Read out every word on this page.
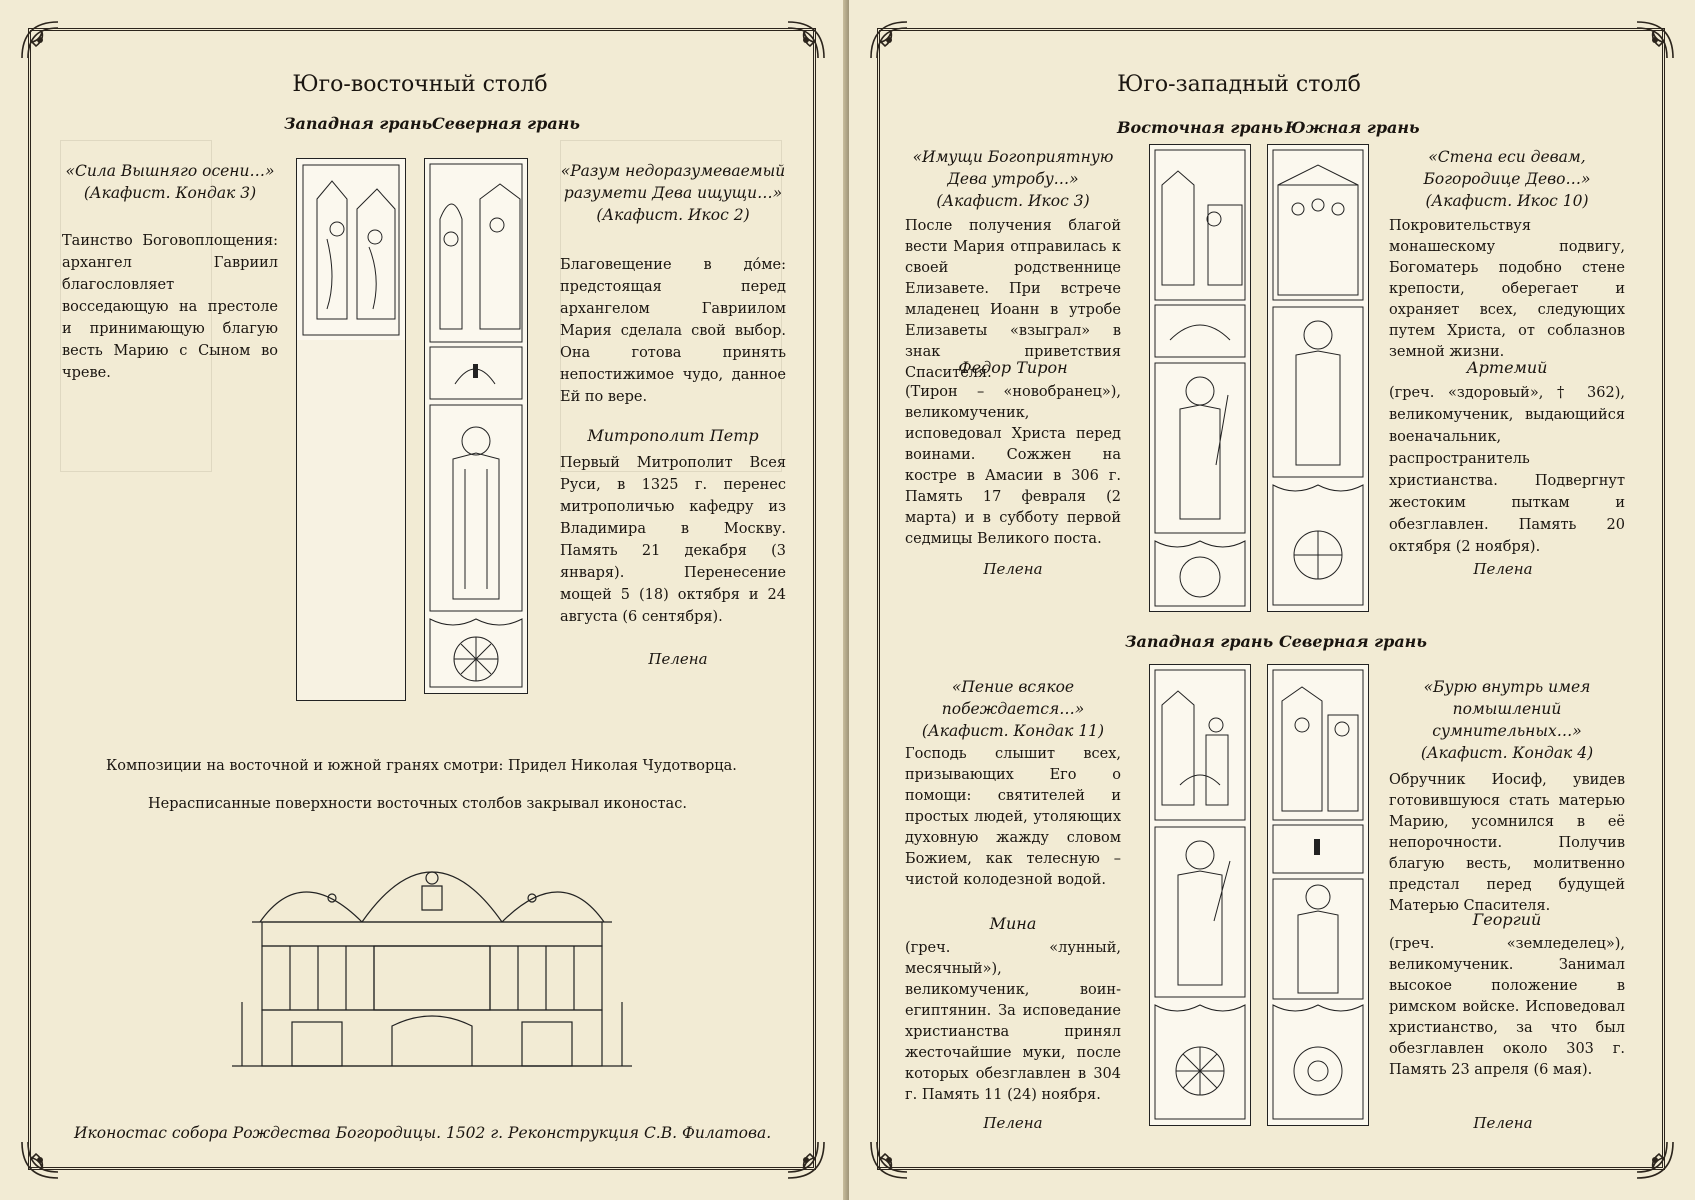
Юго-восточный столб
Западная грань Северная грань
«Сила Вышняго осени…» (Акафист. Кондак 3)
Таинство Боговоплощения: архангел Гавриил благословляет восседающую на престоле и принимающую благую весть Марию с Сыном во чреве.
«Разум недоразумеваемый разумети Дева ищущи…» (Акафист. Икос 2)
Благовещение в до́ме: предстоящая перед архангелом Гавриилом Мария сделала свой выбор. Она готова принять непостижимое чудо, данное Ей по вере.
Митрополит Петр
Первый Митрополит Всея Руси, в 1325 г. перенес митрополичью кафедру из Владимира в Москву. Память 21 декабря (3 января). Перенесение мощей 5 (18) октября и 24 августа (6 сентября).
Пелена
Композиции на восточной и южной гранях смотри: Придел Николая Чудотворца.
Нерасписанные поверхности восточных столбов закрывал иконостас.
Иконостас собора Рождества Богородицы. 1502 г. Реконструкция С.В. Филатова.
Юго-западный столб
Восточная грань Южная грань
«Имущи Богоприятную Дева утробу…» (Акафист. Икос 3)
После получения благой вести Мария отправилась к своей родственнице Елизавете. При встрече младенец Иоанн в утробе Елизаветы «взыграл» в знак приветствия Спасителя.
Федор Тирон
(Тирон – «новобранец»), великомученик, исповедовал Христа перед воинами. Сожжен на костре в Амасии в 306 г. Память 17 февраля (2 марта) и в субботу первой седмицы Великого поста.
Пелена
«Стена еси девам, Богородице Дево…» (Акафист. Икос 10)
Покровительствуя монашескому подвигу, Богоматерь подобно стене крепости, оберегает и охраняет всех, следующих путем Христа, от соблазнов земной жизни.
Артемий
(греч. «здоровый», † 362), великомученик, выдающийся военачальник, распространитель христианства. Подвергнут жестоким пыткам и обезглавлен. Память 20 октября (2 ноября).
Пелена
Западная грань Северная грань
«Пение всякое побеждается…» (Акафист. Кондак 11)
Господь слышит всех, призывающих Его о помощи: святителей и простых людей, утоляющих духовную жажду словом Божием, как телесную – чистой колодезной водой.
Мина
(греч. «лунный, месячный»), великомученик, воин-египтянин. За исповедание христианства принял жесточайшие муки, после которых обезглавлен в 304 г. Память 11 (24) ноября.
Пелена
«Бурю внутрь имея помышлений сумнительных…» (Акафист. Кондак 4)
Обручник Иосиф, увидев готовившуюся стать матерью Марию, усомнился в её непорочности. Получив благую весть, молитвенно предстал перед будущей Матерью Спасителя.
Георгий
(греч. «земледелец»), великомученик. Занимал высокое положение в римском войске. Исповедовал христианство, за что был обезглавлен около 303 г. Память 23 апреля (6 мая).
Пелена
